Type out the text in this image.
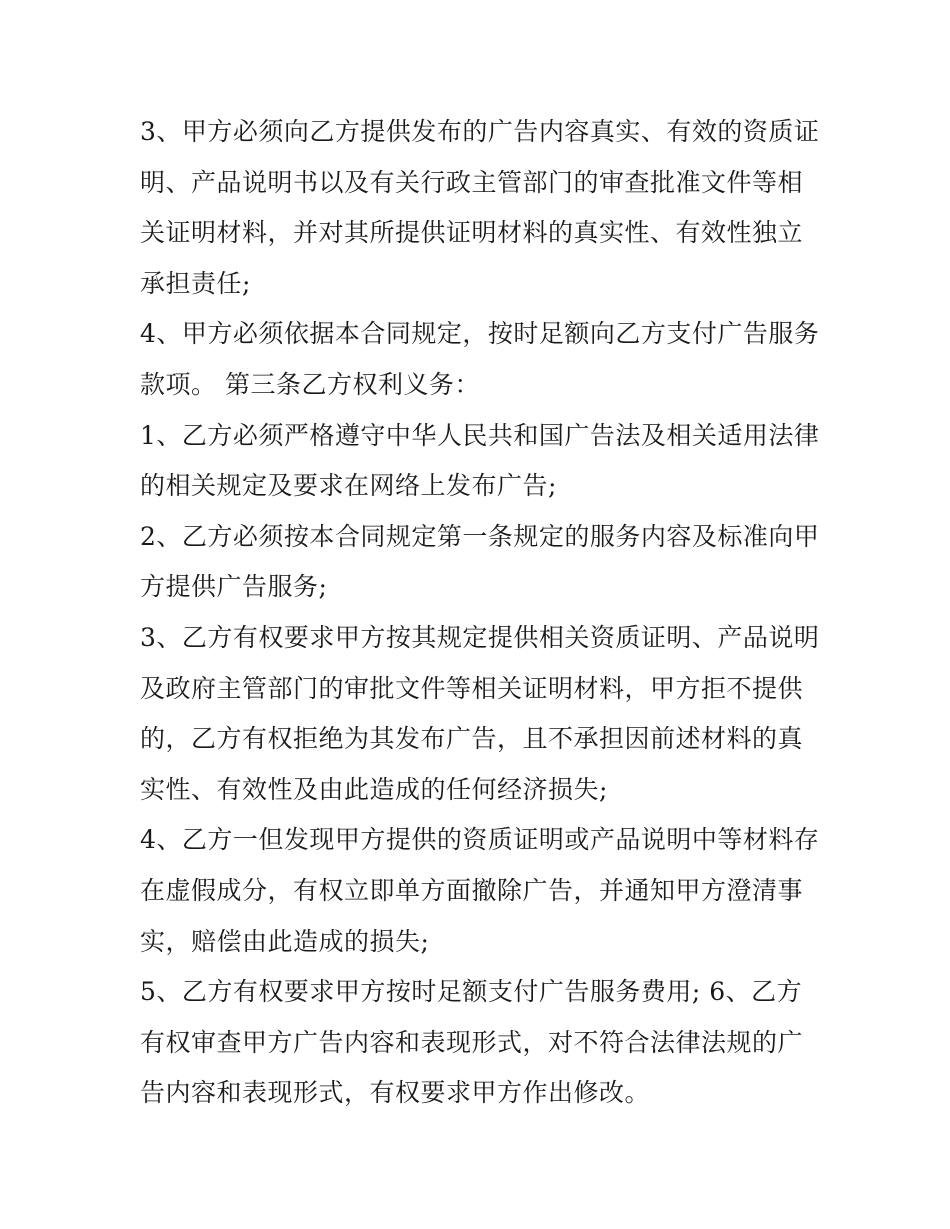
3、甲方必须向乙方提供发布的广告内容真实、有效的资质证明、产品说明书以及有关行政主管部门的审查批准文件等相关证明材料，并对其所提供证明材料的真实性、有效性独立承担责任;

4、甲方必须依据本合同规定，按时足额向乙方支付广告服务款项。 第三条乙方权利义务：

1、乙方必须严格遵守中华人民共和国广告法及相关适用法律的相关规定及要求在网络上发布广告;

2、乙方必须按本合同规定第一条规定的服务内容及标准向甲方提供广告服务;

3、乙方有权要求甲方按其规定提供相关资质证明、产品说明及政府主管部门的审批文件等相关证明材料，甲方拒不提供的，乙方有权拒绝为其发布广告，且不承担因前述材料的真实性、有效性及由此造成的任何经济损失;

4、乙方一但发现甲方提供的资质证明或产品说明中等材料存在虚假成分，有权立即单方面撤除广告，并通知甲方澄清事实，赔偿由此造成的损失;

5、乙方有权要求甲方按时足额支付广告服务费用; 6、乙方有权审查甲方广告内容和表现形式，对不符合法律法规的广告内容和表现形式，有权要求甲方作出修改。
